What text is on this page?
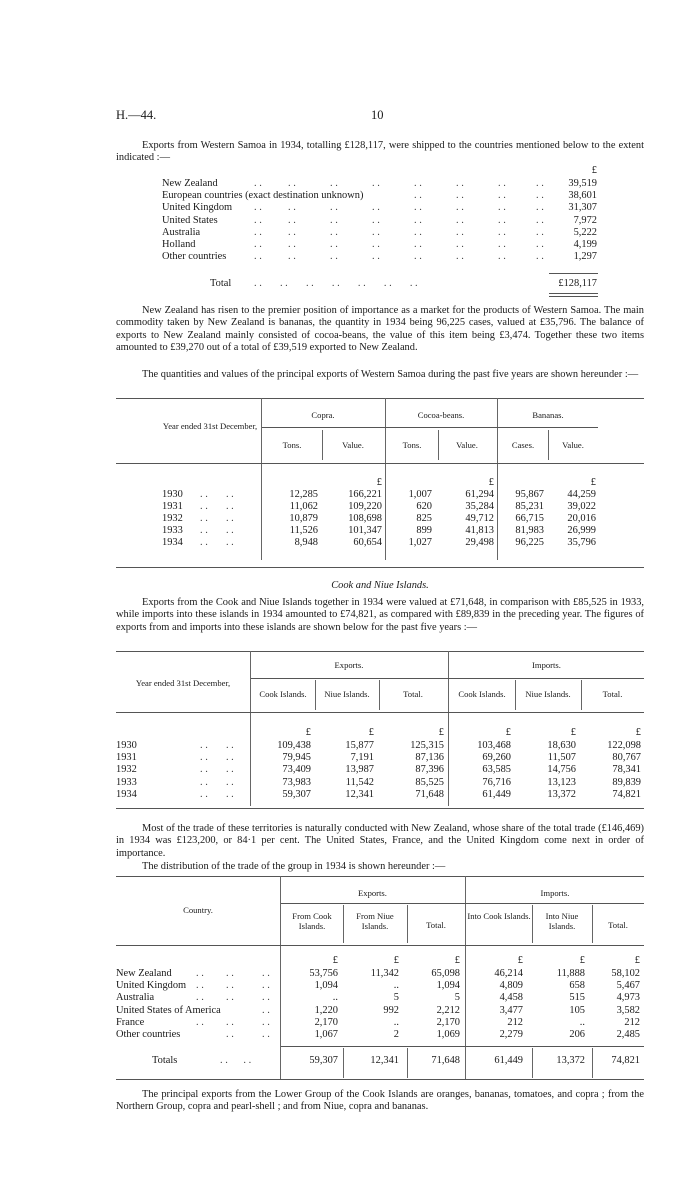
H.—44.	10
Exports from Western Samoa in 1934, totalling £128,117, were shipped to the countries mentioned below to the extent indicated :—
£
New Zealand	. .	. .	. .	. .	. .	. .	. .	. .	39,519
European countries (exact destination unknown)	. .	. .	. .	. .	38,601
United Kingdom . .	. .	. .	. .	. .	. .	. .	. .	31,307
United States	. .	. .	. .	. .	. .	. .	. .	. .	7,972
Australia	. .	. .	. .	. .	. .	. .	. .	. .	5,222
Holland	. .	. .	. .	. .	. .	. .	. .	. .	4,199
Other countries	. .	. .	. .	. .	. .	. .	. .	. .	1,297
Total . .       . .       . .       . .       . .       . .       . .	£128,117
New Zealand has risen to the premier position of importance as a market for the products of Western Samoa. The main commodity taken by New Zealand is bananas, the quantity in 1934 being 96,225 cases, valued at £35,796. The balance of exports to New Zealand mainly consisted of cocoa-beans, the value of this item being £3,474. Together these two items amounted to £39,270 out of a total of £39,519 exported to New Zealand.
The quantities and values of the principal exports of Western Samoa during the past five years are shown hereunder :—
Year ended 31st December,
Copra.	Cocoa-beans.	Bananas.
Tons.	Value.	Tons.	Value.	Cases.	Value.
£	£	£
1930 . .       . .	12,285	166,221	1,007	61,294	95,867	44,259
1931 . .       . .	11,062	109,220	620	35,284	85,231	39,022
1932 . .       . .	10,879	108,698	825	49,712	66,715	20,016
1933 . .       . .	11,526	101,347	899	41,813	81,983	26,999
1934 . .       . .	8,948	60,654	1,027	29,498	96,225	35,796
Cook and Niue Islands.
Exports from the Cook and Niue Islands together in 1934 were valued at £71,648, in comparison with £85,525 in 1933, while imports into these islands in 1934 amounted to £74,821, as compared with £89,839 in the preceding year. The figures of exports from and imports into these islands are shown below for the past five years :—
Year ended 31st December,
Exports.	Imports.
Cook Islands.	Niue Islands.	Total.	Cook Islands.	Niue Islands.	Total.
£	£	£	£	£	£
1930	. .       . .	109,438	15,877	125,315	103,468	18,630	122,098
1931	. .       . .	79,945	7,191	87,136	69,260	11,507	80,767
1932	. .       . .	73,409	13,987	87,396	63,585	14,756	78,341
1933	. .       . .	73,983	11,542	85,525	76,716	13,123	89,839
1934	. .       . .	59,307	12,341	71,648	61,449	13,372	74,821
Most of the trade of these territories is naturally conducted with New Zealand, whose share of the total trade (£146,469) in 1934 was £123,200, or 84·1 per cent. The United States, France, and the United Kingdom come next in order of importance.
The distribution of the trade of the group in 1934 is shown hereunder :—
Country.
Exports.	Imports.
From Cook Islands.
From Niue Islands.	Total.
Into Cook Islands.	Into Niue Islands.	Total.
£	£	£	£	£	£
New Zealand . . . .	. .	53,756	11,342	65,098	46,214	11,888	58,102
United Kingdom . . . .	. .	1,094	..	1,094	4,809	658	5,467
Australia	. . . .	. .	..	5	5	4,458	515	4,973
United States of America	. .	1,220	992	2,212	3,477	105	3,582
France	. . . .	. .	2,170	..	2,170	212	..	212
Other countries	. .	. .	1,067	2	1,069	2,279	206	2,485
Totals	. .      . .	59,307	12,341	71,648	61,449	13,372	74,821
The principal exports from the Lower Group of the Cook Islands are oranges, bananas, tomatoes, and copra ; from the Northern Group, copra and pearl-shell ; and from Niue, copra and bananas.
